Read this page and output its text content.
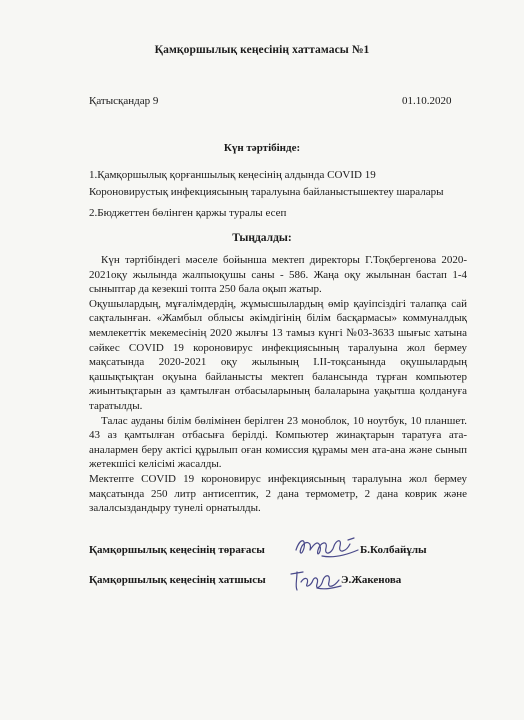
Қамқоршылық кеңесінің хаттамасы №1
Қатысқандар 9	01.10.2020
Күн тәртібінде:
1.Қамқоршылық қорғаншылық кеңесінің алдында COVID 19
Короновирустық инфекциясының таралуына байланыстышектеу шаралары
2.Бюджеттен бөлінген қаржы туралы есеп
Тыңдалды:

Күн тәртібіндегі мәселе бойынша мектеп директоры Г.Тоқбергенова 2020-2021оқу жылында жалпыоқушы саны - 586. Жаңа оқу жылынан бастап 1-4 сыныптар да кезекші топта 250 бала оқып жатыр.

Оқушылардың, мұғалімдердің, жұмысшылардың өмір қауіпсіздігі талапқа сай сақталынған. «Жамбыл облысы әкімдігінің білім басқармасы» коммуналдық мемлекеттік мекемесінің 2020 жылғы 13 тамыз күнгі №03-3633 шығыс хатына сәйкес COVID 19 короновирус инфекциясының таралуына жол бермеу мақсатында 2020-2021 оқу жылының I.II-тоқсанында оқушылардың қашықтықтан оқуына байланысты мектеп балансында тұрған компьютер жиынтықтарын аз қамтылған отбасыларының балаларына уақытша қолдануға таратылды.

Талас ауданы білім бөлімінен берілген 23 моноблок, 10 ноутбук, 10 планшет. 43 аз қамтылған отбасыға берілді. Компьютер жинақтарын таратуға ата-аналармен беру актісі құрылып оған комиссия құрамы мен ата-ана және сынып жетекшісі келісімі жасалды.

Мектепте COVID 19 короновирус инфекциясының таралуына жол бермеу мақсатында 250 литр антисептик, 2 дана термометр, 2 дана коврик және залалсыздандыру тунелі орнатылды.

Қамқоршылық кеңесінің төрағасы	Б.Колбайұлы
Қамқоршылық кеңесінің хатшысы	Э.Жакенова
